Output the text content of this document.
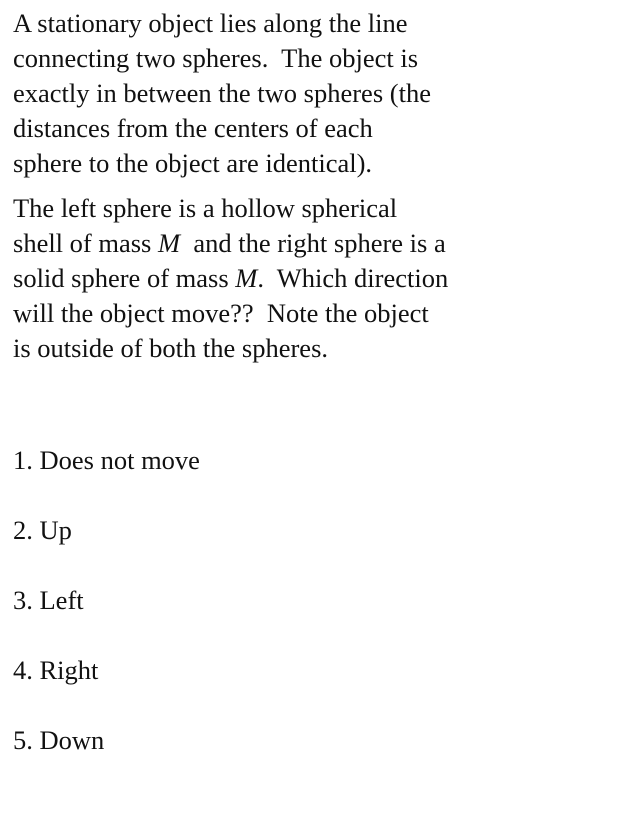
A stationary object lies along the line
connecting two spheres.  The object is
exactly in between the two spheres (the
distances from the centers of each
sphere to the object are identical).

The left sphere is a hollow spherical
shell of mass M  and the right sphere is a
solid sphere of mass M.  Which direction
will the object move??  Note the object
is outside of both the spheres.

1. Does not move
2. Up
3. Left
4. Right
5. Down
